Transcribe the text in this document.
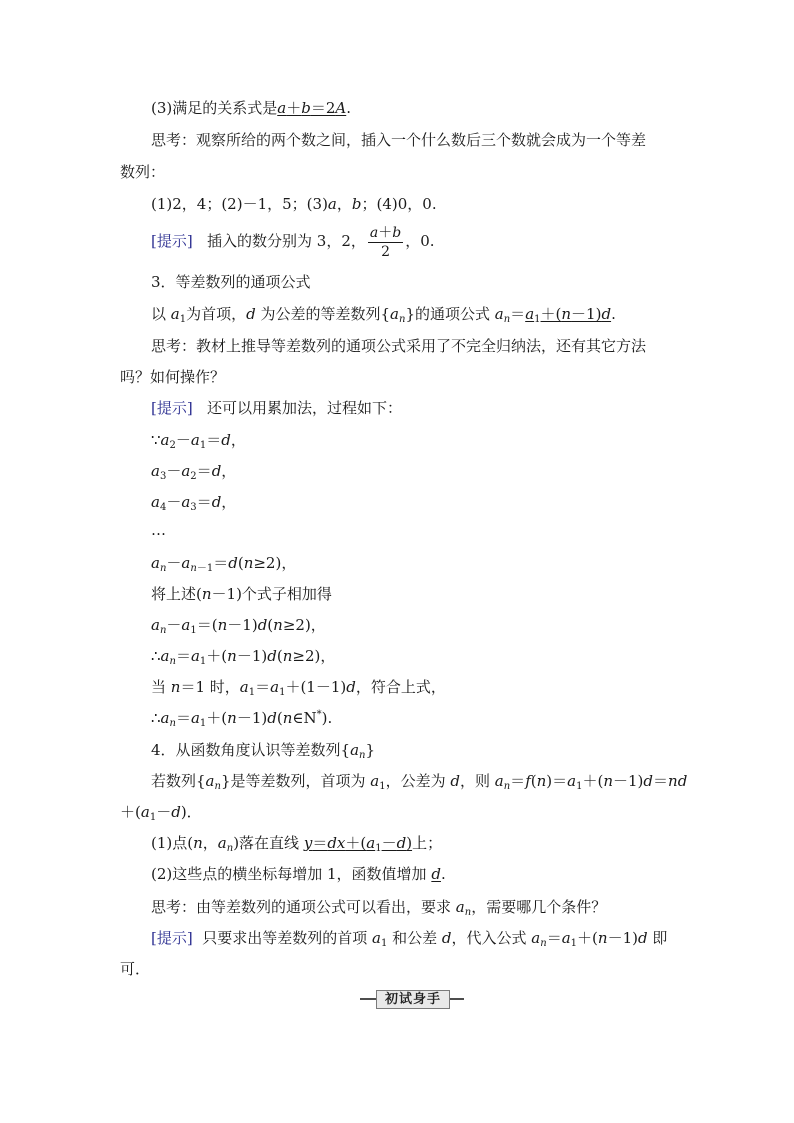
(3)满足的关系式是a＋b＝2A.
思考：观察所给的两个数之间，插入一个什么数后三个数就会成为一个等差
数列：
(1)2，4；(2)－1，5；(3)a，b；(4)0，0.
[提示] 插入的数分别为 3，2， $\frac{a+b}{2}$ ，0.
3．等差数列的通项公式
以 $a_1$为首项，d 为公差的等差数列$\{a_n\}$的通项公式 $a_n=a_1+(n-1)d$.
思考：教材上推导等差数列的通项公式采用了不完全归纳法，还有其它方法
吗？如何操作？
[提示] 还可以用累加法，过程如下：
$\because a_2-a_1=d$，
$a_3-a_2=d$，
$a_4-a_3=d$，
…
$a_n-a_{n-1}=d(n\ge 2)$，
将上述(n－1)个式子相加得
$a_n-a_1=(n-1)d(n\ge 2)$，
$\therefore a_n=a_1+(n-1)d(n\ge 2)$，
当 n＝1 时，$a_1=a_1+(1-1)d$，符合上式，
$\therefore a_n=a_1+(n-1)d(n\in N^*)$.
4．从函数角度认识等差数列$\{a_n\}$
若数列$\{a_n\}$是等差数列，首项为 $a_1$，公差为 d，则 $a_n=f(n)=a_1+(n-1)d=nd$
$+(a_1-d)$．
(1)点(n，$a_n$)落在直线 $y=dx+(a_1-d)$上；
(2)这些点的横坐标每增加 1，函数值增加 d.
思考：由等差数列的通项公式可以看出，要求 $a_n$，需要哪几个条件？
[提示]  只要求出等差数列的首项 $a_1$ 和公差 d，代入公式 $a_n=a_1+(n-1)d$ 即
可．
初试身手
